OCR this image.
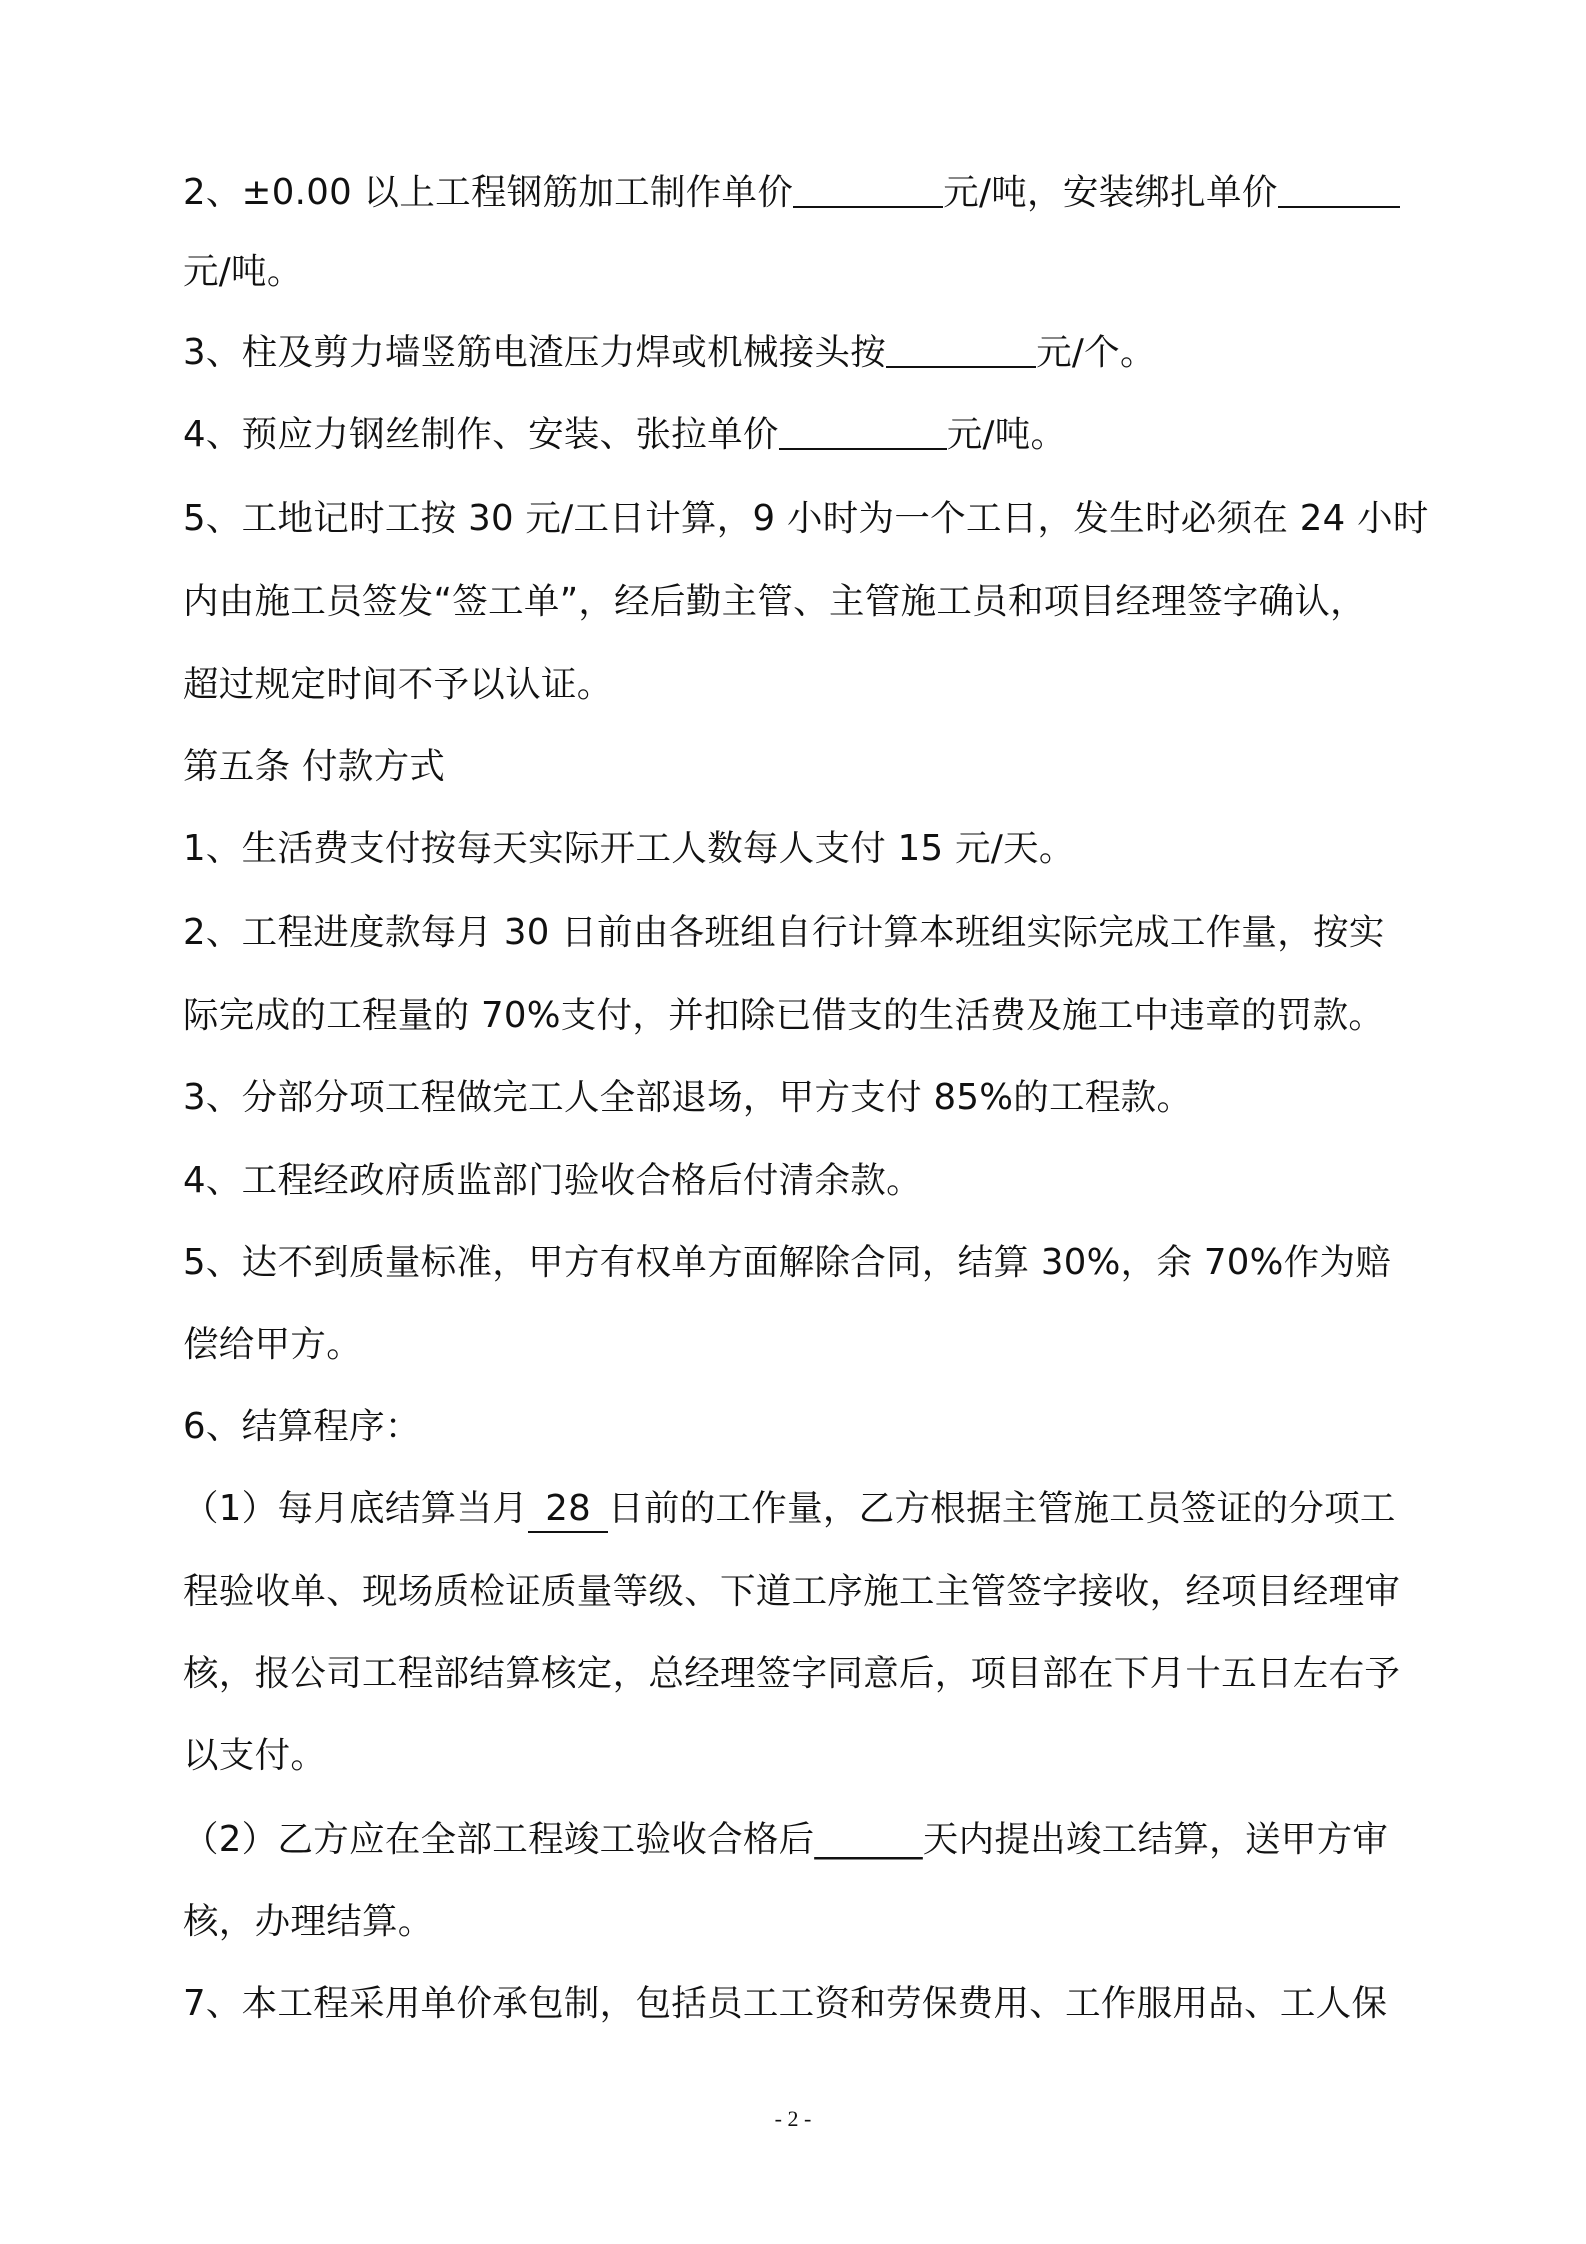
2、±0.00 以上工程钢筋加工制作单价	元/吨，安装绑扎单价
元/吨。
3、柱及剪力墙竖筋电渣压力焊或机械接头按	元/个。
4、预应力钢丝制作、安装、张拉单价	元/吨。
5、工地记时工按 30 元/工日计算，9 小时为一个工日，发生时必须在 24 小时
内由施工员签发“签工单”，经后勤主管、主管施工员和项目经理签字确认，
超过规定时间不予以认证。
第五条 付款方式
1、生活费支付按每天实际开工人数每人支付 15 元/天。
2、工程进度款每月 30 日前由各班组自行计算本班组实际完成工作量，按实
际完成的工程量的 70%支付，并扣除已借支的生活费及施工中违章的罚款。
3、分部分项工程做完工人全部退场，甲方支付 85%的工程款。
4、工程经政府质监部门验收合格后付清余款。
5、达不到质量标准，甲方有权单方面解除合同，结算 30%，余 70%作为赔
偿给甲方。
6、结算程序：
（1）每月底结算当月 28 日前的工作量，乙方根据主管施工员签证的分项工
程验收单、现场质检证质量等级、下道工序施工主管签字接收，经项目经理审
核，报公司工程部结算核定，总经理签字同意后，项目部在下月十五日左右予
以支付。
（2）乙方应在全部工程竣工验收合格后______天内提出竣工结算，送甲方审
核，办理结算。
7、本工程采用单价承包制，包括员工工资和劳保费用、工作服用品、工人保
- 2 -
